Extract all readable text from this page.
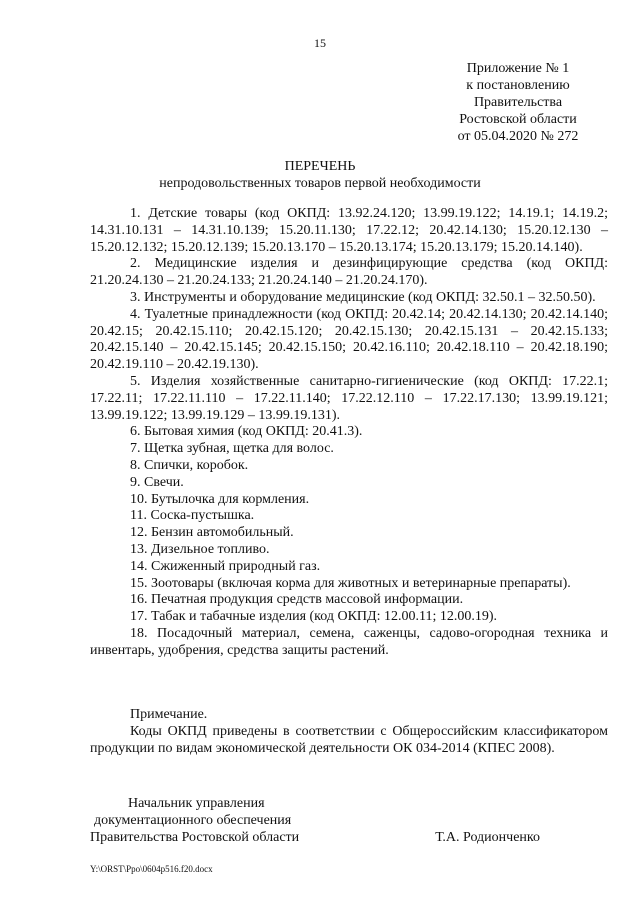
15
Приложение № 1
к постановлению
Правительства
Ростовской области
от 05.04.2020 № 272
ПЕРЕЧЕНЬ
непродовольственных товаров первой необходимости

1. Детские товары (код ОКПД: 13.92.24.120; 13.99.19.122; 14.19.1; 14.19.2; 14.31.10.131 – 14.31.10.139; 15.20.11.130; 17.22.12; 20.42.14.130; 15.20.12.130 – 15.20.12.132; 15.20.12.139; 15.20.13.170 – 15.20.13.174; 15.20.13.179; 15.20.14.140).

2. Медицинские изделия и дезинфицирующие средства (код ОКПД: 21.20.24.130 – 21.20.24.133; 21.20.24.140 – 21.20.24.170).

3. Инструменты и оборудование медицинские (код ОКПД: 32.50.1 – 32.50.50).

4. Туалетные принадлежности (код ОКПД: 20.42.14; 20.42.14.130; 20.42.14.140; 20.42.15; 20.42.15.110; 20.42.15.120; 20.42.15.130; 20.42.15.131 – 20.42.15.133; 20.42.15.140 – 20.42.15.145; 20.42.15.150; 20.42.16.110; 20.42.18.110 – 20.42.18.190; 20.42.19.110 – 20.42.19.130).

5. Изделия хозяйственные санитарно-гигиенические (код ОКПД: 17.22.1; 17.22.11; 17.22.11.110 – 17.22.11.140; 17.22.12.110 – 17.22.17.130; 13.99.19.121; 13.99.19.122; 13.99.19.129 – 13.99.19.131).

6. Бытовая химия (код ОКПД: 20.41.3).

7. Щетка зубная, щетка для волос.

8. Спички, коробок.

9. Свечи.

10. Бутылочка для кормления.

11. Соска-пустышка.

12. Бензин автомобильный.

13. Дизельное топливо.

14. Сжиженный природный газ.

15. Зоотовары (включая корма для животных и ветеринарные препараты).

16. Печатная продукция средств массовой информации.

17. Табак и табачные изделия (код ОКПД: 12.00.11; 12.00.19).

18. Посадочный материал, семена, саженцы, садово-огородная техника и инвентарь, удобрения, средства защиты растений.

Примечание.

Коды ОКПД приведены в соответствии с Общероссийским классификатором продукции по видам экономической деятельности ОК 034-2014 (КПЕС 2008).

Начальник управления
документационного обеспечения
Правительства Ростовской области	Т.А. Родионченко
Y:\ORST\Ppo\0604p516.f20.docx
